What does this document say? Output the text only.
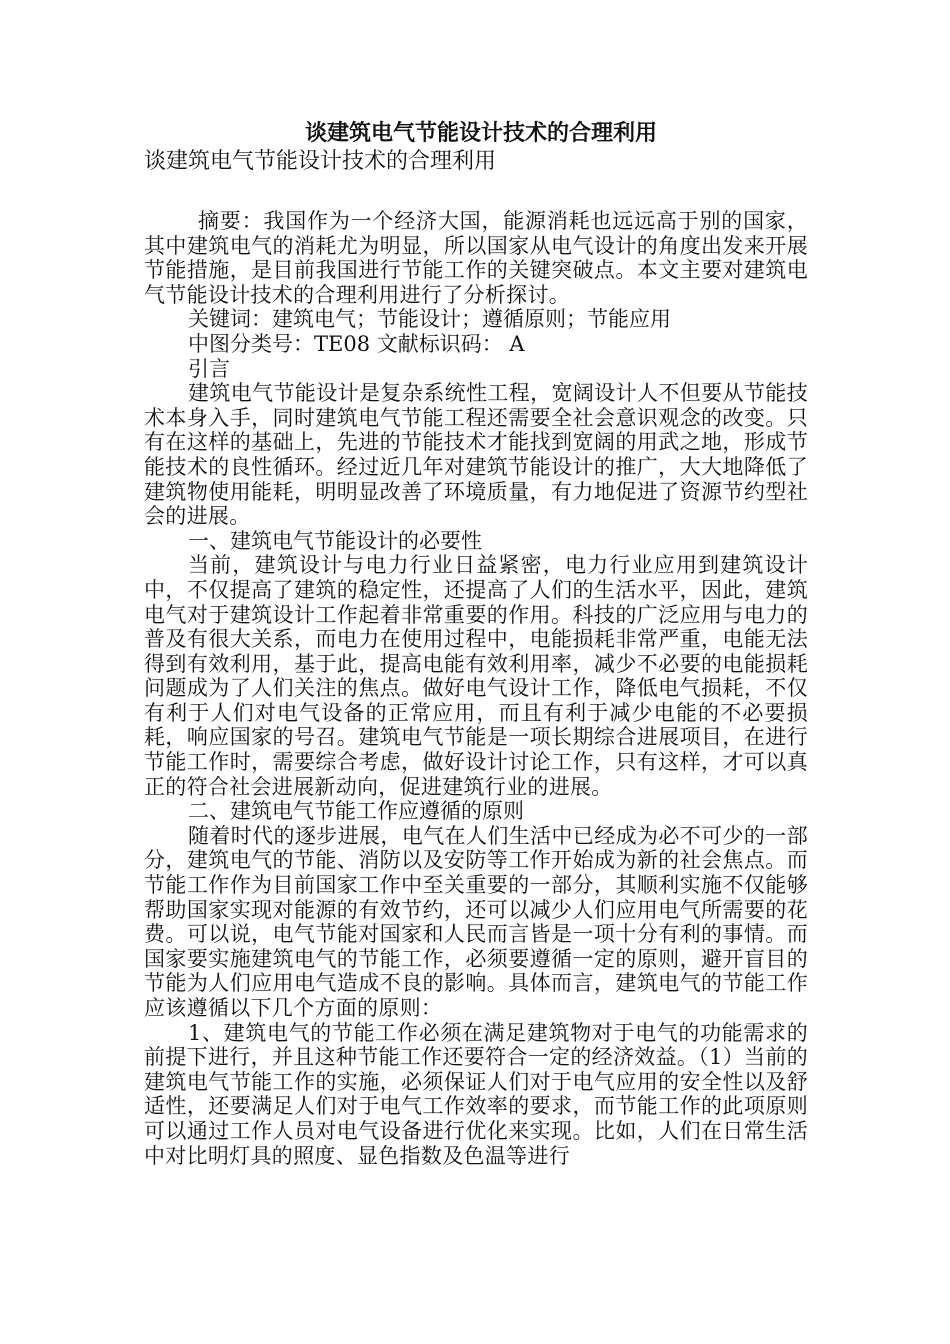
谈建筑电气节能设计技术的合理利用

谈建筑电气节能设计技术的合理利用

摘要：我国作为一个经济大国，能源消耗也远远高于别的国家，其中建筑电气的消耗尤为明显，所以国家从电气设计的角度出发来开展节能措施，是目前我国进行节能工作的关键突破点。本文主要对建筑电气节能设计技术的合理利用进行了分析探讨。

关键词：建筑电气；节能设计；遵循原则；节能应用

中图分类号：TE08 文献标识码： A

引言

建筑电气节能设计是复杂系统性工程，宽阔设计人不但要从节能技术本身入手，同时建筑电气节能工程还需要全社会意识观念的改变。只有在这样的基础上，先进的节能技术才能找到宽阔的用武之地，形成节能技术的良性循环。经过近几年对建筑节能设计的推广，大大地降低了建筑物使用能耗，明明显改善了环境质量，有力地促进了资源节约型社会的进展。

一、建筑电气节能设计的必要性

当前，建筑设计与电力行业日益紧密，电力行业应用到建筑设计中，不仅提高了建筑的稳定性，还提高了人们的生活水平，因此，建筑电气对于建筑设计工作起着非常重要的作用。科技的广泛应用与电力的普及有很大关系，而电力在使用过程中，电能损耗非常严重，电能无法得到有效利用，基于此，提高电能有效利用率，减少不必要的电能损耗问题成为了人们关注的焦点。做好电气设计工作，降低电气损耗，不仅有利于人们对电气设备的正常应用，而且有利于减少电能的不必要损耗，响应国家的号召。建筑电气节能是一项长期综合进展项目，在进行节能工作时，需要综合考虑，做好设计讨论工作，只有这样，才可以真正的符合社会进展新动向，促进建筑行业的进展。

二、建筑电气节能工作应遵循的原则

随着时代的逐步进展，电气在人们生活中已经成为必不可少的一部分，建筑电气的节能、消防以及安防等工作开始成为新的社会焦点。而节能工作作为目前国家工作中至关重要的一部分，其顺利实施不仅能够帮助国家实现对能源的有效节约，还可以减少人们应用电气所需要的花费。可以说，电气节能对国家和人民而言皆是一项十分有利的事情。而国家要实施建筑电气的节能工作，必须要遵循一定的原则，避开盲目的节能为人们应用电气造成不良的影响。具体而言，建筑电气的节能工作应该遵循以下几个方面的原则：

1、建筑电气的节能工作必须在满足建筑物对于电气的功能需求的前提下进行，并且这种节能工作还要符合一定的经济效益。（1）当前的建筑电气节能工作的实施，必须保证人们对于电气应用的安全性以及舒适性，还要满足人们对于电气工作效率的要求，而节能工作的此项原则可以通过工作人员对电气设备进行优化来实现。比如，人们在日常生活中对比明灯具的照度、显色指数及色温等进行
